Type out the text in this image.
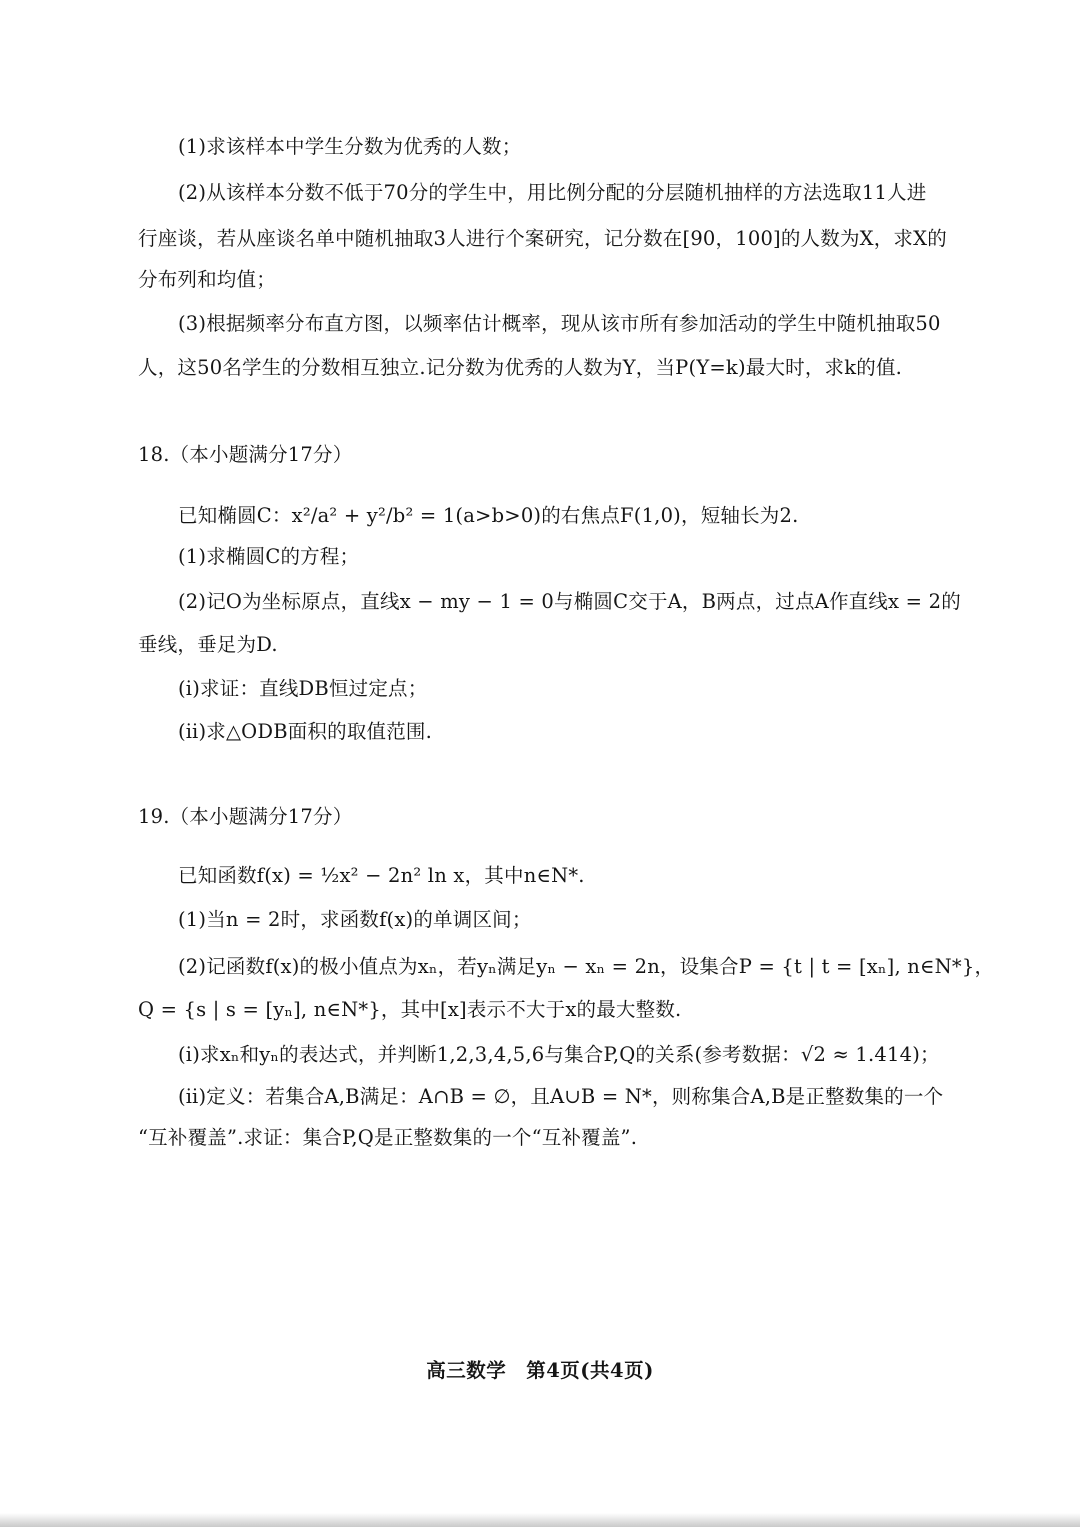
(1)求该样本中学生分数为优秀的人数；
(2)从该样本分数不低于70分的学生中，用比例分配的分层随机抽样的方法选取11人进
行座谈，若从座谈名单中随机抽取3人进行个案研究，记分数在[90，100]的人数为X，求X的
分布列和均值；
(3)根据频率分布直方图，以频率估计概率，现从该市所有参加活动的学生中随机抽取50
人，这50名学生的分数相互独立.记分数为优秀的人数为Y，当P(Y=k)最大时，求k的值.
18.（本小题满分17分）
已知椭圆C：x²/a² + y²/b² = 1(a>b>0)的右焦点F(1,0)，短轴长为2.
(1)求椭圆C的方程；
(2)记O为坐标原点，直线x − my − 1 = 0与椭圆C交于A，B两点，过点A作直线x = 2的
垂线，垂足为D.
(ⅰ)求证：直线DB恒过定点；
(ⅱ)求△ODB面积的取值范围.
19.（本小题满分17分）
已知函数f(x) = ½x² − 2n² ln x，其中n∈N*.
(1)当n = 2时，求函数f(x)的单调区间；
(2)记函数f(x)的极小值点为xₙ，若yₙ满足yₙ − xₙ = 2n，设集合P = {t | t = [xₙ], n∈N*}，
Q = {s | s = [yₙ], n∈N*}，其中[x]表示不大于x的最大整数.
(ⅰ)求xₙ和yₙ的表达式，并判断1,2,3,4,5,6与集合P,Q的关系(参考数据：√2 ≈ 1.414)；
(ⅱ)定义：若集合A,B满足：A∩B = ∅，且A∪B = N*，则称集合A,B是正整数集的一个
“互补覆盖”.求证：集合P,Q是正整数集的一个“互补覆盖”.
高三数学　第4页(共4页)
